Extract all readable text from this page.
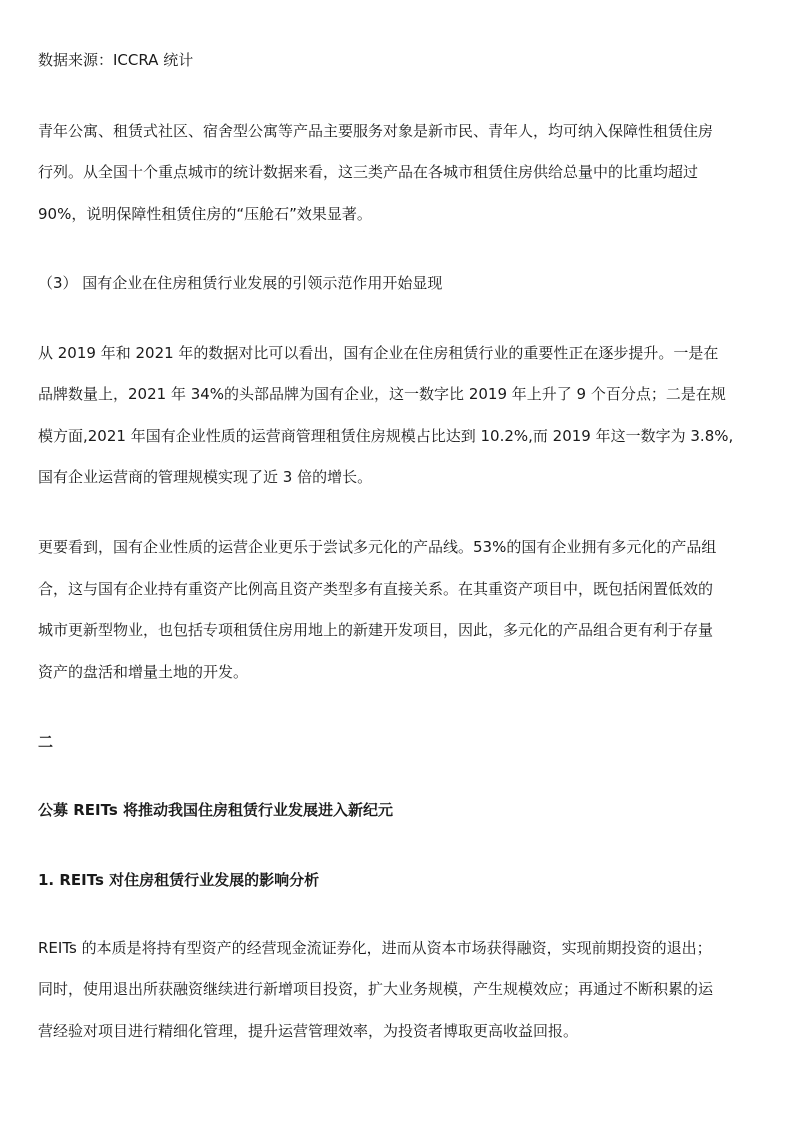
数据来源：ICCRA 统计
青年公寓、租赁式社区、宿舍型公寓等产品主要服务对象是新市民、青年人，均可纳入保障性租赁住房
行列。从全国十个重点城市的统计数据来看，这三类产品在各城市租赁住房供给总量中的比重均超过
90%，说明保障性租赁住房的“压舱石”效果显著。
（3） 国有企业在住房租赁行业发展的引领示范作用开始显现
从 2019 年和 2021 年的数据对比可以看出，国有企业在住房租赁行业的重要性正在逐步提升。一是在
品牌数量上，2021 年 34%的头部品牌为国有企业，这一数字比 2019 年上升了 9 个百分点；二是在规
模方面,2021 年国有企业性质的运营商管理租赁住房规模占比达到 10.2%,而 2019 年这一数字为 3.8%,
国有企业运营商的管理规模实现了近 3 倍的增长。
更要看到，国有企业性质的运营企业更乐于尝试多元化的产品线。53%的国有企业拥有多元化的产品组
合，这与国有企业持有重资产比例高且资产类型多有直接关系。在其重资产项目中，既包括闲置低效的
城市更新型物业，也包括专项租赁住房用地上的新建开发项目，因此，多元化的产品组合更有利于存量
资产的盘活和增量土地的开发。
二
公募 REITs 将推动我国住房租赁行业发展进入新纪元
1. REITs 对住房租赁行业发展的影响分析
REITs 的本质是将持有型资产的经营现金流证券化，进而从资本市场获得融资，实现前期投资的退出；
同时，使用退出所获融资继续进行新增项目投资，扩大业务规模，产生规模效应；再通过不断积累的运
营经验对项目进行精细化管理，提升运营管理效率，为投资者博取更高收益回报。
